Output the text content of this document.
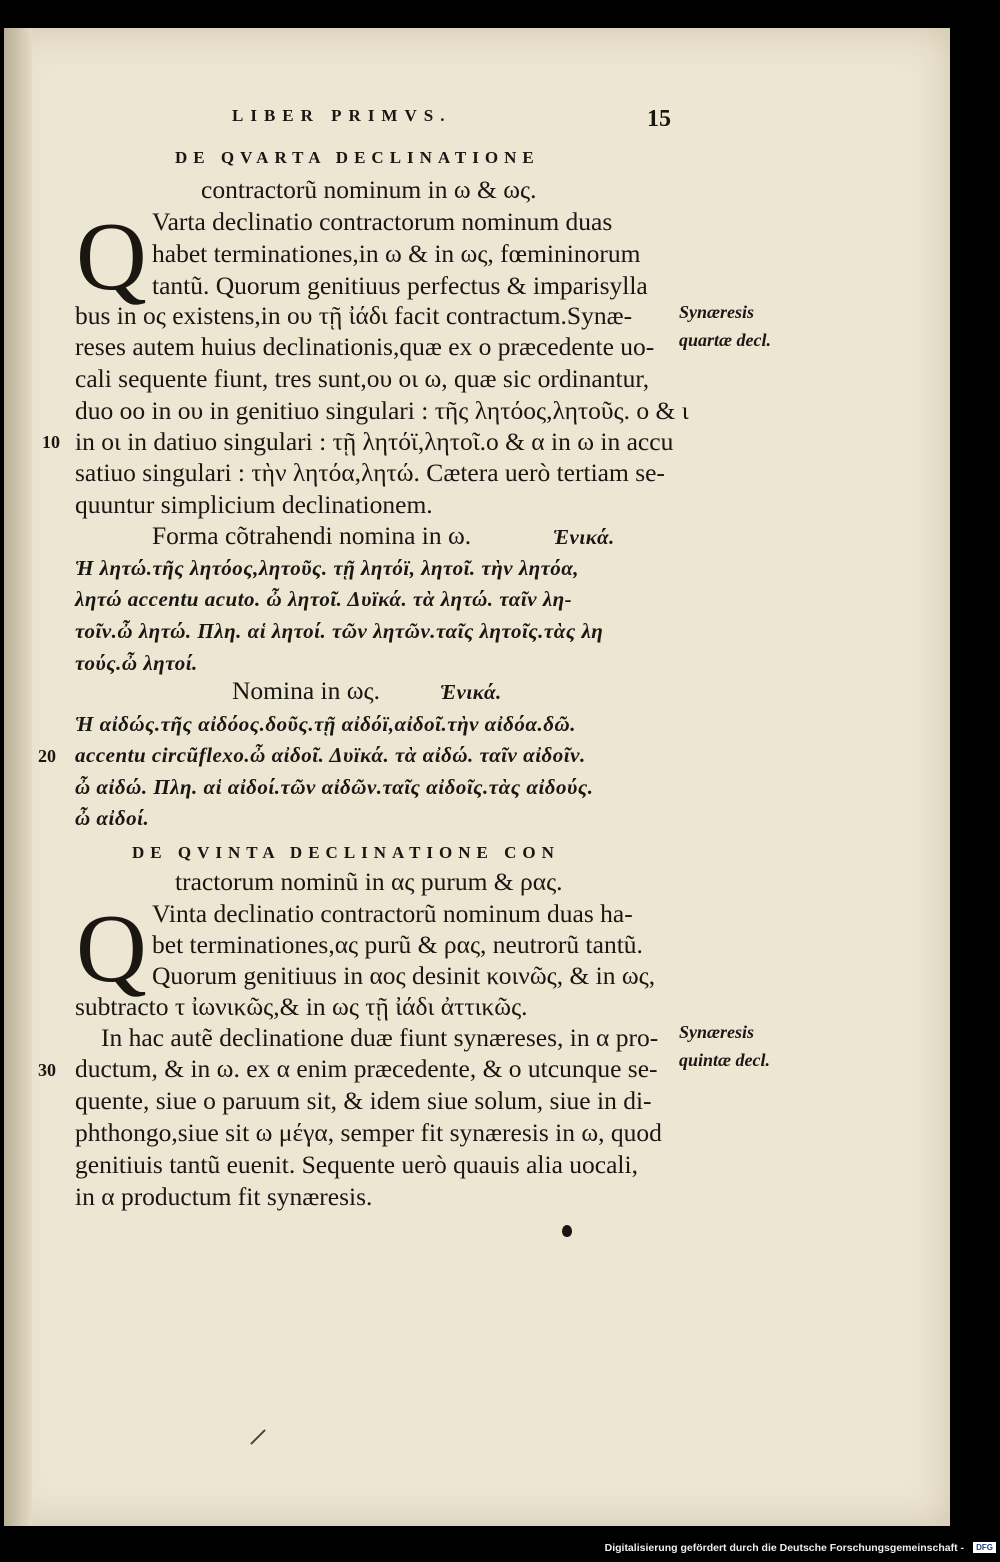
LIBER PRIMVS.	15

DE QVARTA DECLINATIONE

contractorũ nominum in ω & ως.

Q Varta declinatio contractorum nominum duas

habet terminationes,in ω & in ως, fœmininorum

tantũ. Quorum genitiuus perfectus & imparisylla

bus in ος existens,in ου τῇ ἰάδι facit contractum.Synæ-

reses autem huius declinationis,quæ ex ο præcedente uo-

cali sequente fiunt, tres sunt,ου οι ω, quæ sic ordinantur,

duo οο in ου in genitiuo singulari : τῆς λητόος,λητοῦς. ο & ι

in οι in datiuo singulari : τῇ λητόϊ,λητοῖ.ο & α in ω in accu

satiuo singulari : τὴν λητόα,λητώ. Cætera uerò tertiam se-

quuntur simplicium declinationem.

Forma cõtrahendi nomina in ω.	Ἑνικά.

Ἡ λητώ.τῆς λητόος,λητοῦς. τῇ λητόϊ, λητοῖ. τὴν λητόα,

λητώ accentu acuto. ὦ λητοῖ. Δυϊκά. τὰ λητώ. ταῖν λη-

τοῖν.ὦ λητώ. Πλη. αἱ λητοί. τῶν λητῶν.ταῖς λητοῖς.τὰς λη

τούς.ὦ λητοί.

Nomina in ως.	Ἑνικά.

Ἡ αἰδώς.τῆς αἰδόος.δοῦς.τῇ αἰδόϊ,αἰδοῖ.τὴν αἰδόα.δῶ.

accentu circũflexo.ὦ αἰδοῖ. Δυϊκά. τὰ αἰδώ. ταῖν αἰδοῖν.

ὦ αἰδώ. Πλη. αἱ αἰδοί.τῶν αἰδῶν.ταῖς αἰδοῖς.τὰς αἰδούς.

ὦ αἰδοί.

DE QVINTA DECLINATIONE CON

tractorum nominũ in ας purum & ρας.

Q Vinta declinatio contractorũ nominum duas ha-

bet terminationes,ας purũ & ρας, neutrorũ tantũ.

Quorum genitiuus in αος desinit κοινῶς, & in ως,

subtracto τ ἰωνικῶς,& in ως τῇ ἰάδι ἀττικῶς.

In hac autẽ declinatione duæ fiunt synæreses, in α pro-

ductum, & in ω. ex α enim præcedente, & ο utcunque se-

quente, siue ο paruum sit, & idem siue solum, siue in di-

phthongo,siue sit ω μέγα, semper fit synæresis in ω, quod

genitiuis tantũ euenit. Sequente uerò quauis alia uocali,

in α productum fit synæresis.

Synæresis

quartæ decl.

Synæresis

quintæ decl.

10

20

30

Digitalisierung gefördert durch die Deutsche Forschungsgemeinschaft -	DFG
